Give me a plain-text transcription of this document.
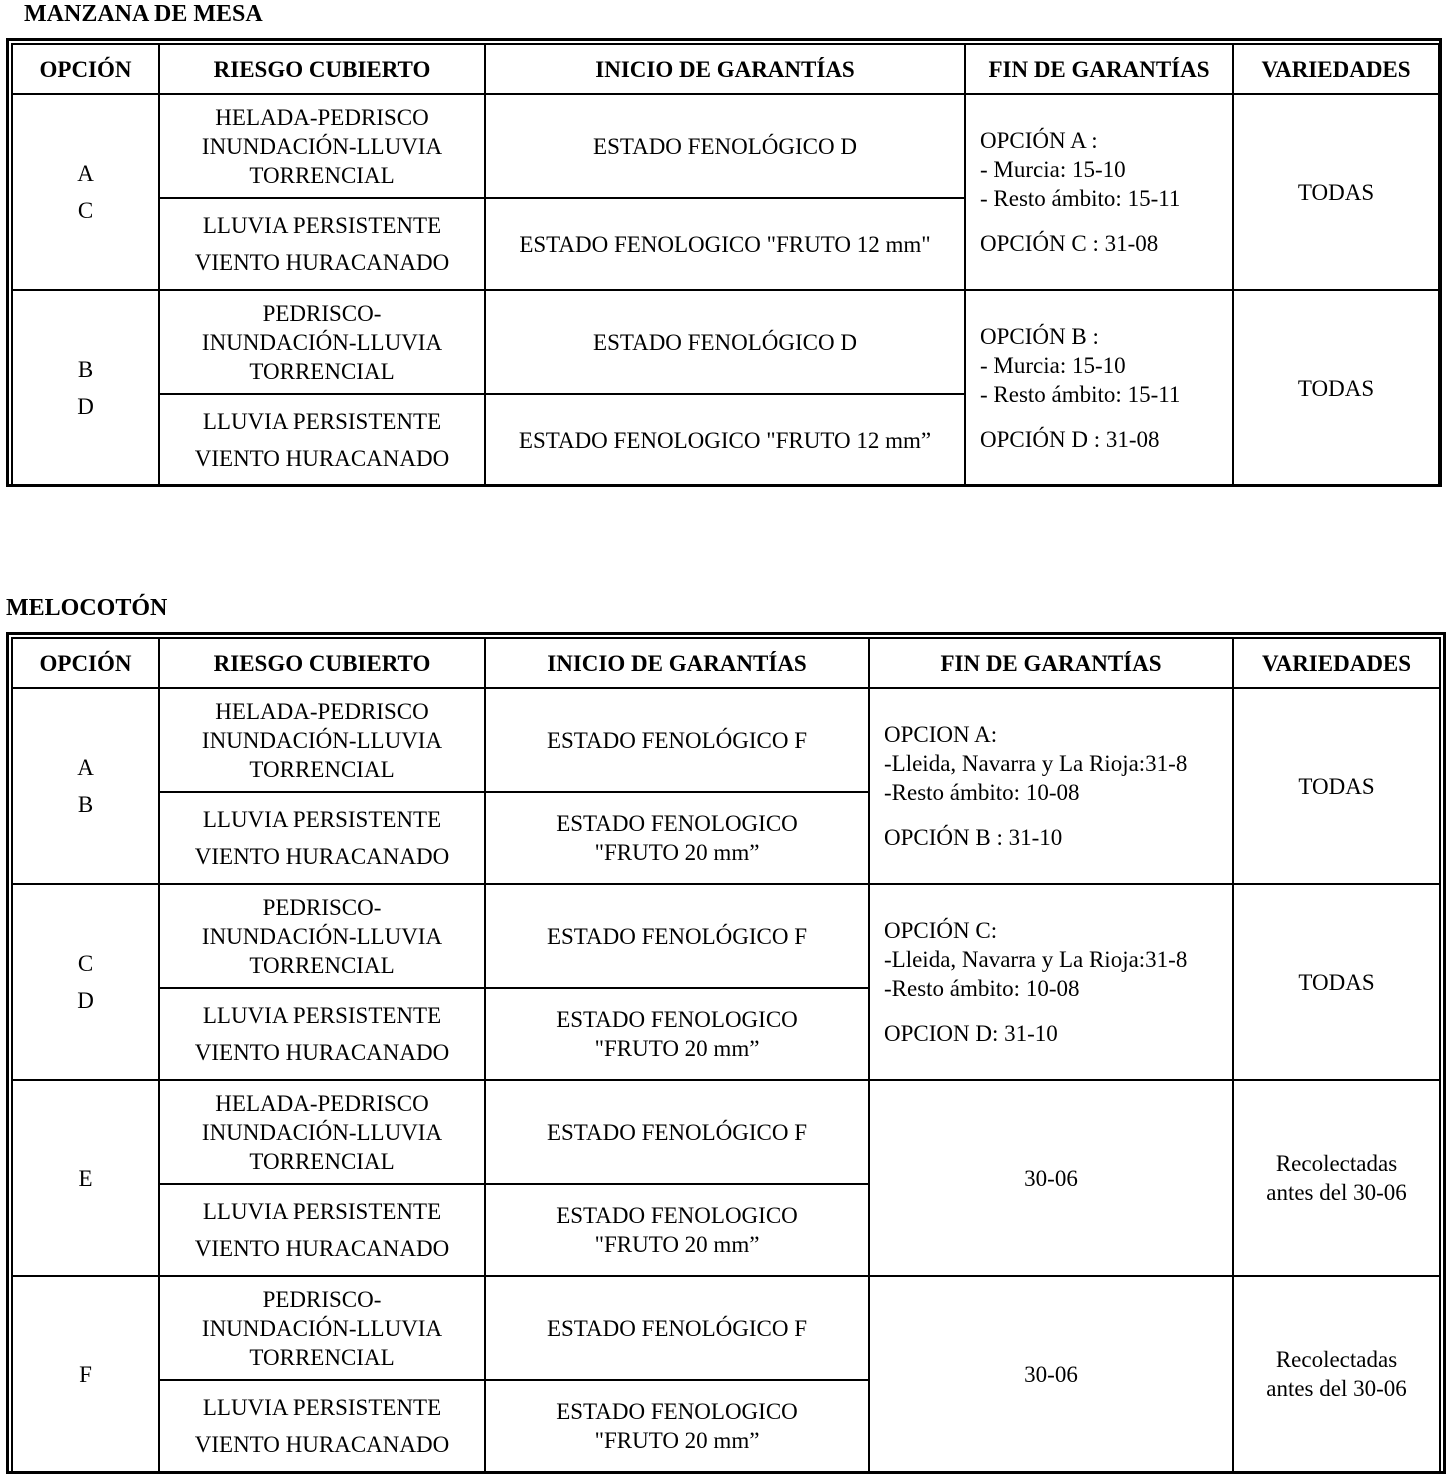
MANZANA DE MESA
OPCIÓN	RIESGO CUBIERTO	INICIO DE GARANTÍAS	FIN DE GARANTÍAS	VARIEDADES

A
C	HELADA-PEDRISCO
INUNDACIÓN-LLUVIA
TORRENCIAL	ESTADO FENOLÓGICO D	OPCIÓN A :
- Murcia: 15-10
- Resto ámbito: 15-11
OPCIÓN C : 31-08	TODAS

	LLUVIA PERSISTENTE
VIENTO HURACANADO	ESTADO FENOLOGICO "FRUTO 12 mm"		

B
D	PEDRISCO-
INUNDACIÓN-LLUVIA
TORRENCIAL	ESTADO FENOLÓGICO D	OPCIÓN B :
- Murcia: 15-10
- Resto ámbito: 15-11
OPCIÓN D : 31-08	TODAS

	LLUVIA PERSISTENTE
VIENTO HURACANADO	ESTADO FENOLOGICO "FRUTO 12 mm”		
MELOCOTÓN
OPCIÓN	RIESGO CUBIERTO	INICIO DE GARANTÍAS	FIN DE GARANTÍAS	VARIEDADES

A
B	HELADA-PEDRISCO
INUNDACIÓN-LLUVIA
TORRENCIAL	ESTADO FENOLÓGICO F	OPCION A:
-Lleida, Navarra y La Rioja:31-8
-Resto ámbito: 10-08
OPCIÓN B : 31-10	TODAS

	LLUVIA PERSISTENTE
VIENTO HURACANADO	ESTADO FENOLOGICO
"FRUTO 20 mm”		

C
D	PEDRISCO-
INUNDACIÓN-LLUVIA
TORRENCIAL	ESTADO FENOLÓGICO F	OPCIÓN C:
-Lleida, Navarra y La Rioja:31-8
-Resto ámbito: 10-08
OPCION D: 31-10	TODAS

	LLUVIA PERSISTENTE
VIENTO HURACANADO	ESTADO FENOLOGICO
"FRUTO 20 mm”		

E	HELADA-PEDRISCO
INUNDACIÓN-LLUVIA
TORRENCIAL	ESTADO FENOLÓGICO F	30-06	Recolectadas
antes del 30-06

	LLUVIA PERSISTENTE
VIENTO HURACANADO	ESTADO FENOLOGICO
"FRUTO 20 mm”		

F	PEDRISCO-
INUNDACIÓN-LLUVIA
TORRENCIAL	ESTADO FENOLÓGICO F	30-06	Recolectadas
antes del 30-06

	LLUVIA PERSISTENTE
VIENTO HURACANADO	ESTADO FENOLOGICO
"FRUTO 20 mm”		
